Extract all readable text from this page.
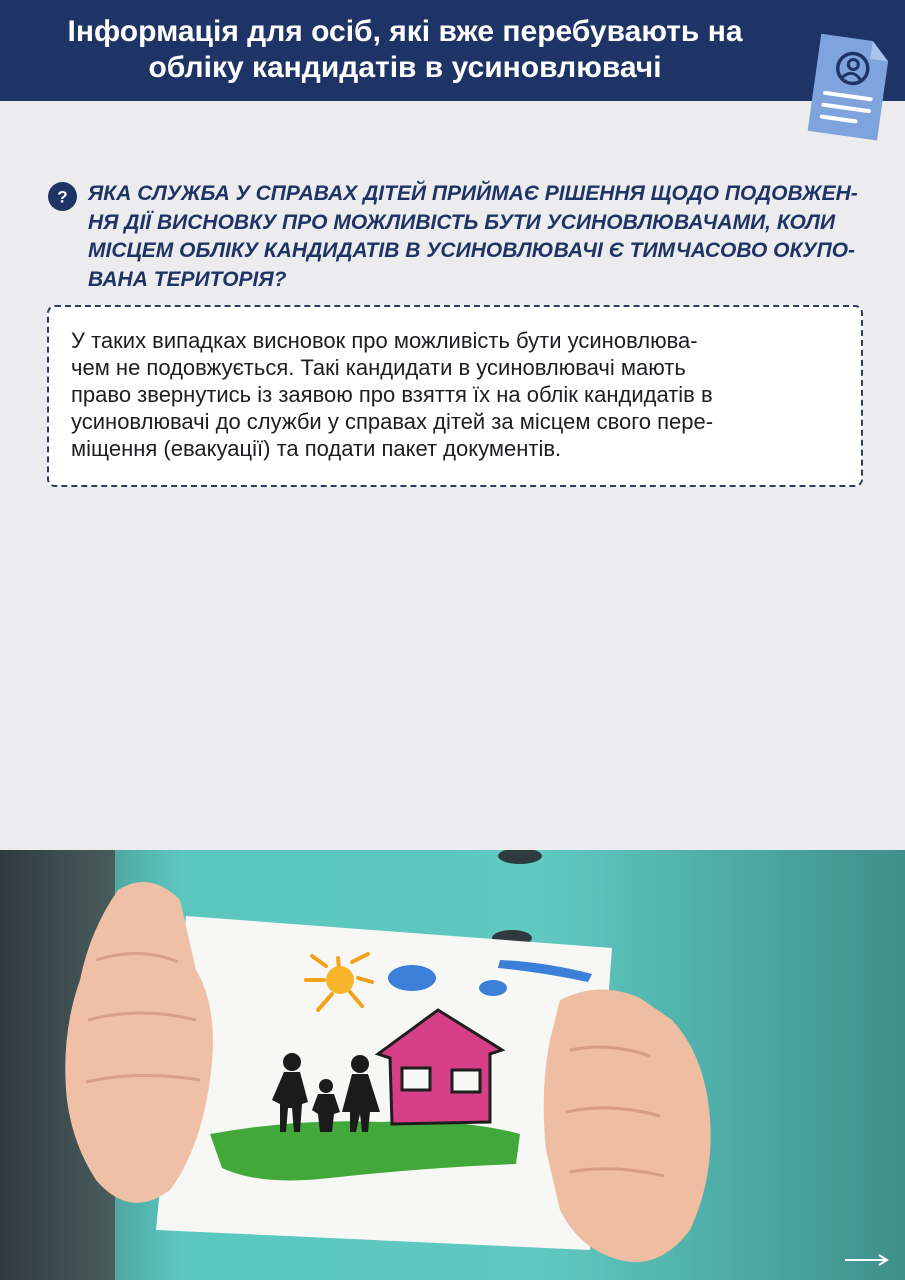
Інформація для осіб, які вже перебувають на
обліку кандидатів в усиновлювачі
? ЯКА СЛУЖБА У СПРАВАХ ДІТЕЙ ПРИЙМАЄ РІШЕННЯ ЩОДО ПОДОВЖЕН-
НЯ ДІЇ ВИСНОВКУ ПРО МОЖЛИВІСТЬ БУТИ УСИНОВЛЮВАЧАМИ, КОЛИ
МІСЦЕМ ОБЛІКУ КАНДИДАТІВ В УСИНОВЛЮВАЧІ Є ТИМЧАСОВО ОКУПО-
ВАНА ТЕРИТОРІЯ?

У таких випадках висновок про можливість бути усиновлюва-
чем не подовжується. Такі кандидати в усиновлювачі мають
право звернутись із заявою про взяття їх на облік кандидатів в
усиновлювачі до служби у справах дітей за місцем свого пере-
міщення (евакуації) та подати пакет документів.
